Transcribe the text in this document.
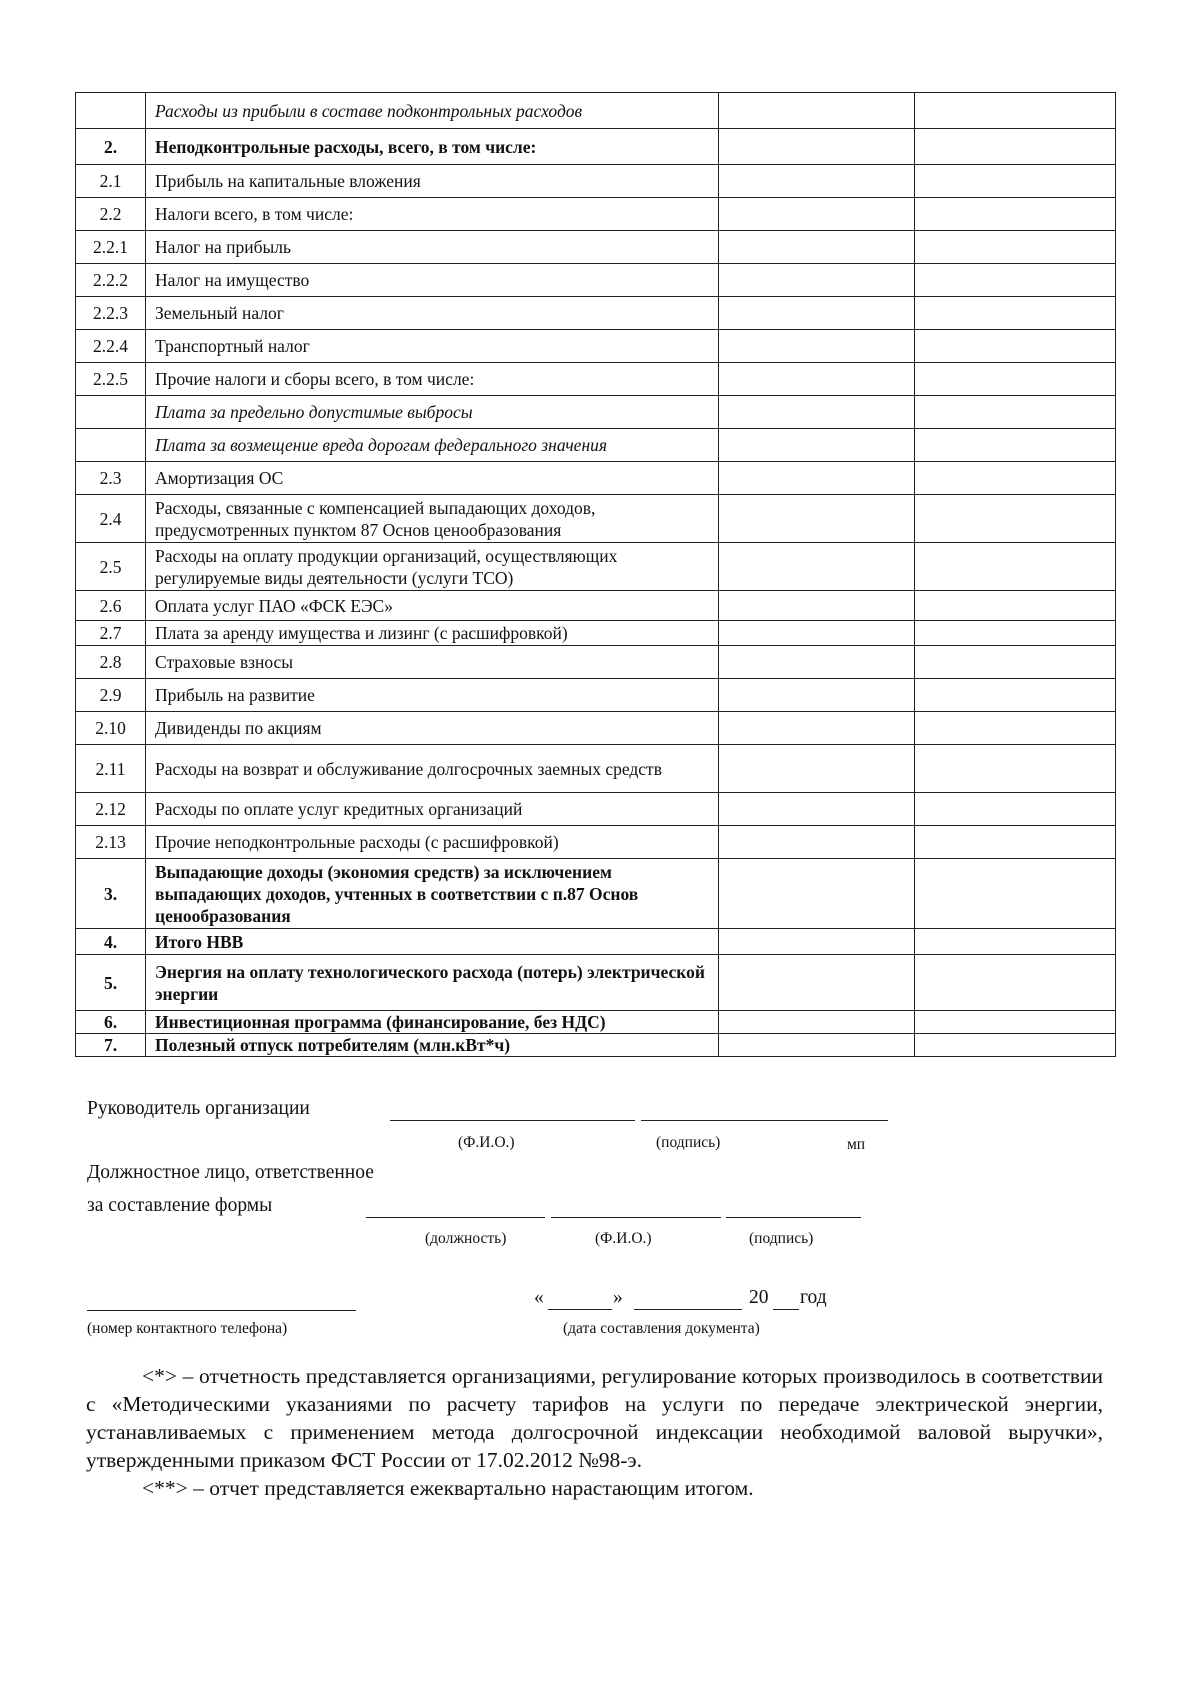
	Расходы из прибыли в составе подконтрольных расходов		
2.	Неподконтрольные расходы, всего, в том числе:		
2.1	Прибыль на капитальные вложения		
2.2	Налоги всего, в том числе:		
2.2.1	Налог на прибыль		
2.2.2	Налог на имущество		
2.2.3	Земельный налог		
2.2.4	Транспортный налог		
2.2.5	Прочие налоги и сборы всего, в том числе:		
	Плата за предельно допустимые выбросы		
	Плата за возмещение вреда дорогам федерального значения		
2.3	Амортизация ОС		
2.4	Расходы, связанные с компенсацией выпадающих доходов, предусмотренных пунктом 87 Основ ценообразования		
2.5	Расходы на оплату продукции организаций, осуществляющих регулируемые виды деятельности (услуги ТСО)		
2.6	Оплата услуг ПАО «ФСК ЕЭС»		
2.7	Плата за аренду имущества и лизинг (с расшифровкой)		
2.8	Страховые взносы		
2.9	Прибыль на развитие		
2.10	Дивиденды по акциям		
2.11	Расходы на возврат и обслуживание долгосрочных заемных средств		
2.12	Расходы по оплате услуг кредитных организаций		
2.13	Прочие неподконтрольные расходы (с расшифровкой)		
3.	Выпадающие доходы (экономия средств) за исключением выпадающих доходов, учтенных в соответствии с п.87 Основ ценообразования		
4.	Итого НВВ		
5.	Энергия на оплату технологического расхода (потерь) электрической энергии		
6.	Инвестиционная программа (финансирование, без НДС)		
7.	Полезный отпуск потребителям (млн.кВт*ч)		
Руководитель организации
(Ф.И.О.)	(подпись)	мп
Должностное лицо, ответственное
за составление формы
(должность)	(Ф.И.О.)	(подпись)
(номер контактного телефона)
«	»	20 год
(дата составления документа)

<*> – отчетность представляется организациями, регулирование которых производилось в соответствии с «Методическими указаниями по расчету тарифов на услуги по передаче электрической энергии, устанавливаемых с применением метода долгосрочной индексации необходимой валовой выручки», утвержденными приказом ФСТ России от 17.02.2012 №98-э.

<**> – отчет представляется ежеквартально нарастающим итогом.
